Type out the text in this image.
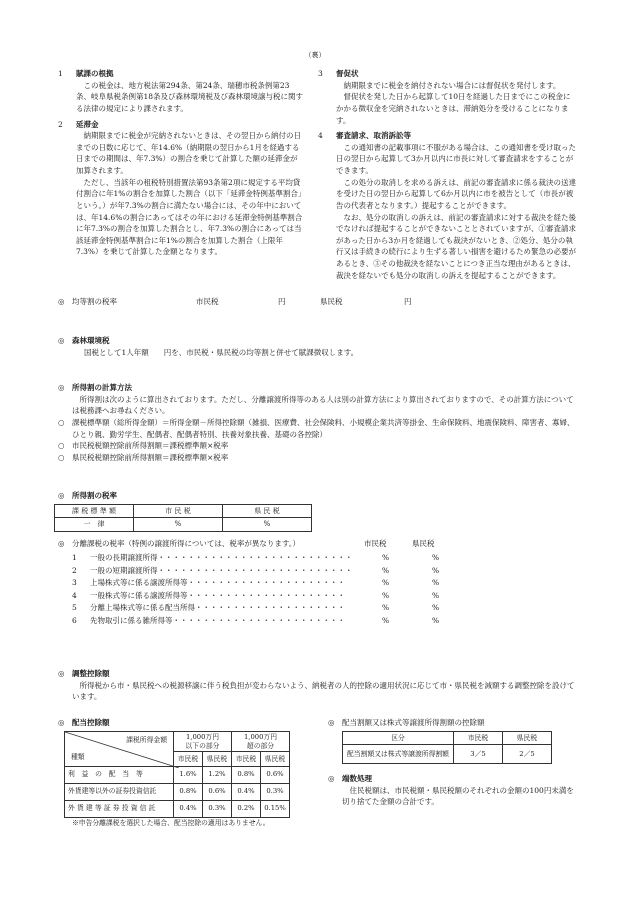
（裏）
1 賦課の根拠

この税金は、地方税法第294条、第24条、瑞穂市税条例第23条、岐阜県税条例第18条及び森林環境税及び森林環境譲与税に関する法律の規定により課されます。

2 延滞金

納期限までに税金が完納されないときは、その翌日から納付の日までの日数に応じて、年14.6%（納期限の翌日から1月を経過する日までの期間は、年7.3%）の割合を乗じて計算した額の延滞金が加算されます。

ただし、当該年の租税特別措置法第93条第2項に規定する平均貸付割合に年1%の割合を加算した割合（以下「延滞金特例基準割合」という。）が年7.3%の割合に満たない場合には、その年中においては、年14.6%の割合にあってはその年における延滞金特例基準割合に年7.3%の割合を加算した割合とし、年7.3%の割合にあっては当該延滞金特例基準割合に年1%の割合を加算した割合（上限年7.3%）を乗じて計算した金額となります。

3 督促状

納期限までに税金を納付されない場合には督促状を発付します。

督促状を発した日から起算して10日を経過した日までにこの税金にかかる徴収金を完納されないときは、滞納処分を受けることになります。

4 審査請求、取消訴訟等

この通知書の記載事項に不服がある場合は、この通知書を受け取った日の翌日から起算して3か月以内に市長に対して審査請求をすることができます。

この処分の取消しを求める訴えは、前記の審査請求に係る裁決の送達を受けた日の翌日から起算して6か月以内に市を被告として（市長が被告の代表者となります。）提起することができます。

なお、処分の取消しの訴えは、前記の審査請求に対する裁決を経た後でなければ提起することができないこととされていますが、①審査請求があった日から3か月を経過しても裁決がないとき、②処分、処分の執行又は手続きの続行により生ずる著しい損害を避けるため緊急の必要があるとき、③その他裁決を経ないことにつき正当な理由があるときは、裁決を経ないでも処分の取消しの訴えを提起することができます。

◎ 均等割の税率	市民税	円	県民税	円
◎ 森林環境税
国税として1人年額　　円を、市民税・県民税の均等割と併せて賦課徴収します。
◎ 所得割の計算方法

所得割は次のように算出されております。ただし、分離譲渡所得等のある人は別の計算方法により算出されておりますので、その計算方法については税務課へお尋ねください。

○ 課税標準額（総所得金額）＝所得金額－所得控除額（雑損、医療費、社会保険料、小規模企業共済等掛金、生命保険料、地震保険料、障害者、寡婦、ひとり親、勤労学生、配偶者、配偶者特別、扶養対象扶養、基礎の各控除）
○ 市民税税額控除前所得割額＝課税標準額×税率
○ 県民税税額控除前所得割額＝課税標準額×税率
◎ 所得割の税率
課 税 標 準 額	市 民 税	県 民 税
一　律	%	%
◎ 分離課税の税率（特例の譲渡所得については、税率が異なります。）	市民税	県民税
1 一般の長期譲渡所得・・・・・・・・・・・・・・・・・・・・・・・・・・	%	%
2 一般の短期譲渡所得・・・・・・・・・・・・・・・・・・・・・・・・・・	%	%
3 上場株式等に係る譲渡所得等・・・・・・・・・・・・・・・・・・・・・	%	%
4 一般株式等に係る譲渡所得等・・・・・・・・・・・・・・・・・・・・・	%	%
5 分離上場株式等に係る配当所得・・・・・・・・・・・・・・・・・・・・	%	%
6 先物取引に係る雑所得等・・・・・・・・・・・・・・・・・・・・・・・	%	%
◎ 調整控除額

所得税から市・県民税への税源移譲に伴う税負担が変わらないよう、納税者の人的控除の適用状況に応じて市・県民税を減額する調整控除を設けています。

◎ 配当控除額
課税所得金額
種類	1,000万円
以下の部分		1,000万円
超の部分	
	市民税	県民税	市民税	県民税
利　益　の　配　当　等	1.6%	1.2%	0.8%	0.6%
外貨建等以外の証券投資信託	0.8%	0.6%	0.4%	0.3%
外 貨 建 等 証 券 投 資 信 託	0.4%	0.3%	0.2%	0.15%
※申告分離課税を選択した場合、配当控除の適用はありません。
◎ 配当割額又は株式等譲渡所得割額の控除額
区分	市民税	県民税
配当割額又は株式等譲渡所得割額	3／5	2／5
◎ 端数処理

住民税額は、市民税額・県民税額のそれぞれの金額の100円未満を切り捨てた金額の合計です。
